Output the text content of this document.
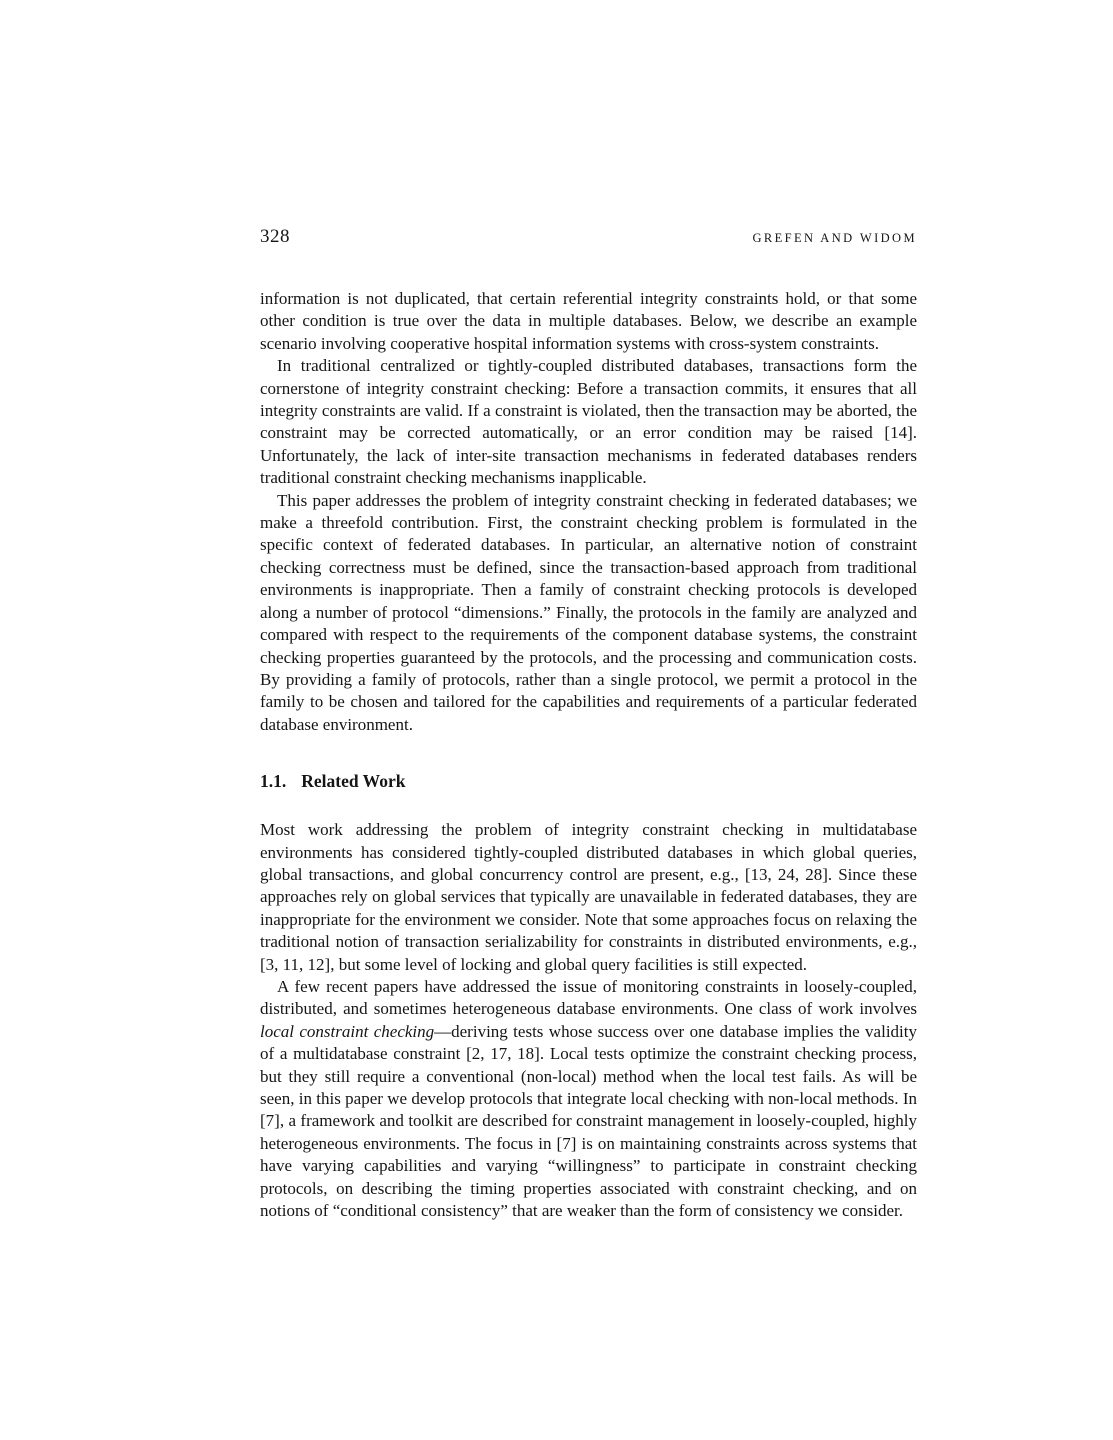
328	GREFEN AND WIDOM

information is not duplicated, that certain referential integrity constraints hold, or that some other condition is true over the data in multiple databases. Below, we describe an example scenario involving cooperative hospital information systems with cross-system constraints.

In traditional centralized or tightly-coupled distributed databases, transactions form the cornerstone of integrity constraint checking: Before a transaction commits, it ensures that all integrity constraints are valid. If a constraint is violated, then the transaction may be aborted, the constraint may be corrected automatically, or an error condition may be raised [14]. Unfortunately, the lack of inter-site transaction mechanisms in federated databases renders traditional constraint checking mechanisms inapplicable.

This paper addresses the problem of integrity constraint checking in federated databases; we make a threefold contribution. First, the constraint checking problem is formulated in the specific context of federated databases. In particular, an alternative notion of constraint checking correctness must be defined, since the transaction-based approach from traditional environments is inappropriate. Then a family of constraint checking protocols is developed along a number of protocol “dimensions.” Finally, the protocols in the family are analyzed and compared with respect to the requirements of the component database systems, the constraint checking properties guaranteed by the protocols, and the processing and communication costs. By providing a family of protocols, rather than a single protocol, we permit a protocol in the family to be chosen and tailored for the capabilities and requirements of a particular federated database environment.

1.1. Related Work

Most work addressing the problem of integrity constraint checking in multidatabase environments has considered tightly-coupled distributed databases in which global queries, global transactions, and global concurrency control are present, e.g., [13, 24, 28]. Since these approaches rely on global services that typically are unavailable in federated databases, they are inappropriate for the environment we consider. Note that some approaches focus on relaxing the traditional notion of transaction serializability for constraints in distributed environments, e.g., [3, 11, 12], but some level of locking and global query facilities is still expected.

A few recent papers have addressed the issue of monitoring constraints in loosely-coupled, distributed, and sometimes heterogeneous database environments. One class of work involves local constraint checking—deriving tests whose success over one database implies the validity of a multidatabase constraint [2, 17, 18]. Local tests optimize the constraint checking process, but they still require a conventional (non-local) method when the local test fails. As will be seen, in this paper we develop protocols that integrate local checking with non-local methods. In [7], a framework and toolkit are described for constraint management in loosely-coupled, highly heterogeneous environments. The focus in [7] is on maintaining constraints across systems that have varying capabilities and varying “willingness” to participate in constraint checking protocols, on describing the timing properties associated with constraint checking, and on notions of “conditional consistency” that are weaker than the form of consistency we consider.
